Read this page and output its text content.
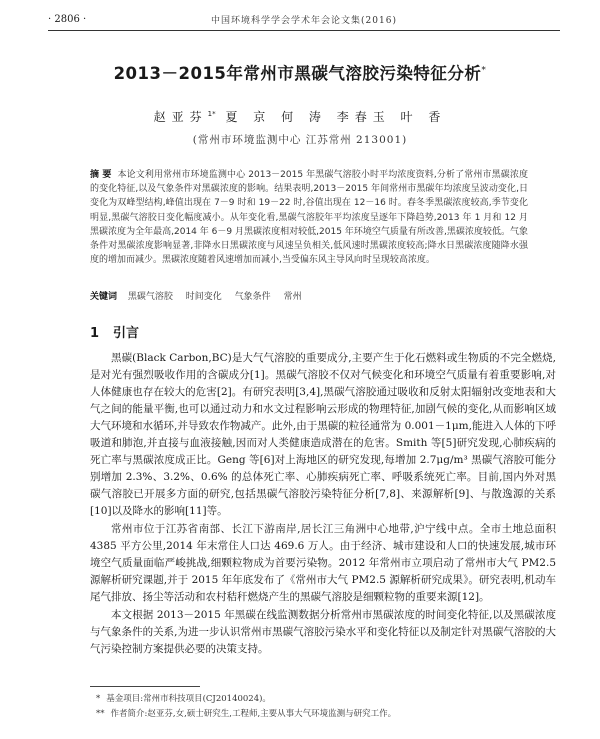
· 2806 ·	中国环境科学学会学术年会论文集(2016)
2013－2015年常州市黑碳气溶胶污染特征分析*
赵亚芬$^{1*}$ 夏 京 何 涛 李春玉 叶 香
(常州市环境监测中心 江苏常州 213001)
摘 要 本论文利用常州市环境监测中心 2013－2015 年黑碳气溶胶小时平均浓度资料,分析了常州市黑碳浓度的变化特征,以及气象条件对黑碳浓度的影响。结果表明,2013－2015 年间常州市黑碳年均浓度呈波动变化,日变化为双峰型结构,峰值出现在 7－9 时和 19－22 时,谷值出现在 12－16 时。春冬季黑碳浓度较高,季节变化明显,黑碳气溶胶日变化幅度减小。从年变化看,黑碳气溶胶年平均浓度呈逐年下降趋势,2013 年 1 月和 12 月黑碳浓度为全年最高,2014 年 6－9 月黑碳浓度相对较低,2015 年环境空气质量有所改善,黑碳浓度较低。气象条件对黑碳浓度影响显著,非降水日黑碳浓度与风速呈负相关,低风速时黑碳浓度较高;降水日黑碳浓度随降水强度的增加而减少。黑碳浓度随着风速增加而减小,当受偏东风主导风向时呈现较高浓度。
关键词 黑碳气溶胶 时间变化 气象条件 常州
1 引言

黑碳(Black Carbon,BC)是大气气溶胶的重要成分,主要产生于化石燃料或生物质的不完全燃烧,是对光有强烈吸收作用的含碳成分[1]。黑碳气溶胶不仅对气候变化和环境空气质量有着重要影响,对人体健康也存在较大的危害[2]。有研究表明[3,4],黑碳气溶胶通过吸收和反射太阳辐射改变地表和大气之间的能量平衡,也可以通过动力和水文过程影响云形成的物理特征,加剧气候的变化,从而影响区域大气环境和水循环,并导致农作物减产。此外,由于黑碳的粒径通常为 0.001－1μm,能进入人体的下呼吸道和肺泡,并直接与血液接触,因而对人类健康造成潜在的危害。Smith 等[5]研究发现,心肺疾病的死亡率与黑碳浓度成正比。Geng 等[6]对上海地区的研究发现,每增加 2.7μg/m³ 黑碳气溶胶可能分别增加 2.3%、3.2%、0.6% 的总体死亡率、心肺疾病死亡率、呼吸系统死亡率。目前,国内外对黑碳气溶胶已开展多方面的研究,包括黑碳气溶胶污染特征分析[7,8]、来源解析[9]、与散逸源的关系[10]以及降水的影响[11]等。

常州市位于江苏省南部、长江下游南岸,居长江三角洲中心地带,沪宁线中点。全市土地总面积 4385 平方公里,2014 年末常住人口达 469.6 万人。由于经济、城市建设和人口的快速发展,城市环境空气质量面临严峻挑战,细颗粒物成为首要污染物。2012 年常州市立项启动了常州市大气 PM2.5 源解析研究课题,并于 2015 年年底发布了《常州市大气 PM2.5 源解析研究成果》。研究表明,机动车尾气排放、扬尘等活动和农村秸秆燃烧产生的黑碳气溶胶是细颗粒物的重要来源[12]。

本文根据 2013－2015 年黑碳在线监测数据分析常州市黑碳浓度的时间变化特征,以及黑碳浓度与气象条件的关系,为进一步认识常州市黑碳气溶胶污染水平和变化特征以及制定针对黑碳气溶胶的大气污染控制方案提供必要的决策支持。

* 基金项目:常州市科技项目(CJ20140024)。
** 作者简介:赵亚芬,女,硕士研究生,工程师,主要从事大气环境监测与研究工作。
